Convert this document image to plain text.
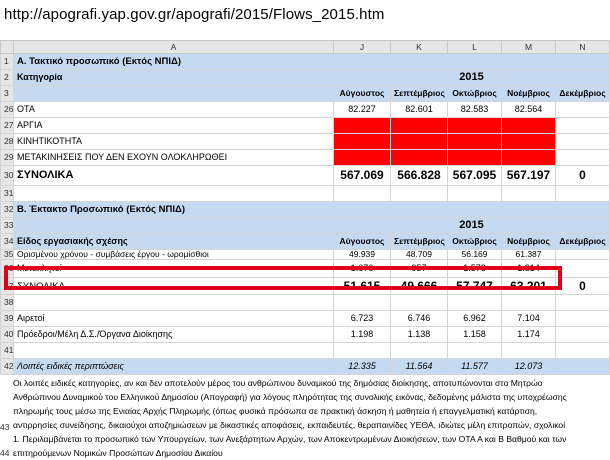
http://apografi.yap.gov.gr/apografi/2015/Flows_2015.htm
	A	J	K	L	M	N
1	Α. Τακτικό προσωπικό (Εκτός ΝΠΙΔ)					
2	Κατηγορία	2015				
3		Αύγουστος	Σεπτέμβριος	Οκτώβριος	Νοέμβριος	Δεκέμβριος
26	ΟΤΑ	82.227	82.601	82.583	82.564	
27	ΑΡΓΙΑ	-	-	-	-	
28	ΚΙΝΗΤΙΚΟΤΗΤΑ	-	-	-	-	
29	ΜΕΤΑΚΙΝΗΣΕΙΣ ΠΟΥ ΔΕΝ ΕΧΟΥΝ ΟΛΟΚΛΗΡΩΘΕΙ	-	-	-	-	
30	ΣΥΝΟΛΙΚΑ	567.069	566.828	567.095	567.197	0
31						
32	Β. Έκτακτο Προσωπικό (Εκτός ΝΠΙΔ)					
33		2015				
34	Είδος εργασιακής σχέσης	Αύγουστος	Σεπτέμβριος	Οκτώβριος	Νοέμβριος	Δεκέμβριος
35	Ορισμένου χρόνου - συμβάσεις έργου - ωρομίσθιοι	49.939	48.709	56.169	61.387	
36	Μετακλητοί	1.676	957	1.578	1.814	
37	ΣΥΝΟΛΙΚΑ	51.615	49.666	57.747	63.201	0
38						
39	Αιρετοί	6.723	6.746	6.962	7.104	
40	Πρόεδροι/Μέλη Δ.Σ./Όργανα Διοίκησης	1.198	1.138	1.158	1.174	
41						
42	Λοιπές ειδικές περιπτώσεις	12.335	11.564	11.577	12.073	
43
Οι λοιπές ειδικές κατηγορίες, αν και δεν αποτελούν μέρος του ανθρώπινου δυναμικού της δημόσιας διοίκησης, αποτυπώνονται στο Μητρώο
Ανθρώπινου Δυναμικού του Ελληνικού Δημοσίου (Απογραφή) για λόγους πληρότητας της συνολικής εικόνας, δεδομένης μάλιστα της υποχρέωσης
πληρωμής τους μέσω της Ενιαίας Αρχής Πληρωμής (όπως φυσικά πρόσωπα σε πρακτική άσκηση ή μαθητεία ή επαγγελματική κατάρτιση,
αντιρρησίες συνείδησης, δικαιούχοι αποζημιώσεων με δικαστικές αποφάσεις, εκπαιδευτές, θεραπαινίδες ΥΕΘΑ, ιδιώτες μέλη επιτροπών, σχολικοί
1. Περιλαμβάνεται το προσωπικό των Υπουργείων, των Ανεξάρτητων Αρχών, των Αποκεντρωμένων Διοικήσεων, των ΟΤΑ Α και Β Βαθμού και των
επιτηρούμενων Νομικών Προσώπων Δημοσίου Δικαίου
44
